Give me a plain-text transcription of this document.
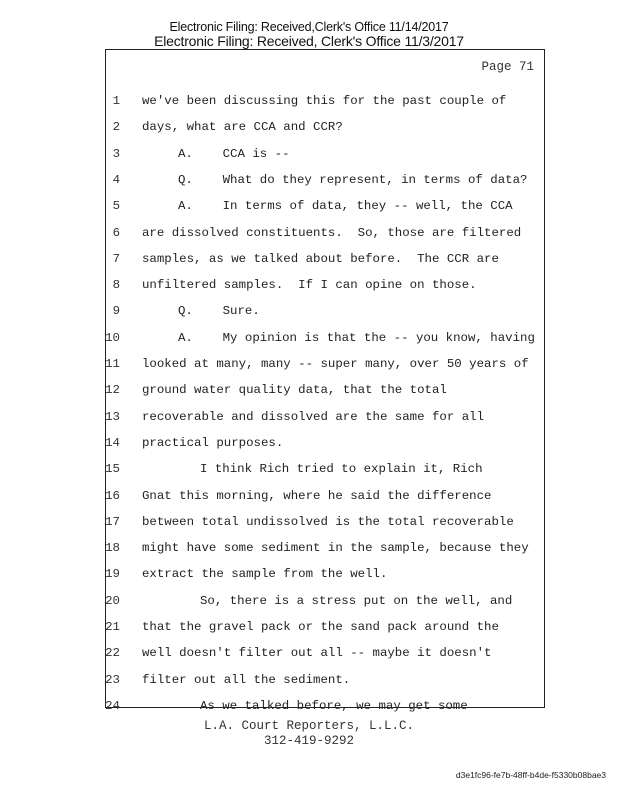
Electronic Filing: Received,Clerk's Office 11/14/2017
Electronic Filing: Received, Clerk's Office 11/3/2017
Page 71
1 we've been discussing this for the past couple of
2 days, what are CCA and CCR?
3	A.    CCA is --
4	Q.    What do they represent, in terms of data?
5	A.    In terms of data, they -- well, the CCA
6 are dissolved constituents.  So, those are filtered
7 samples, as we talked about before.  The CCR are
8 unfiltered samples.  If I can opine on those.
9	Q.    Sure.
10	A.    My opinion is that the -- you know, having
11 looked at many, many -- super many, over 50 years of
12 ground water quality data, that the total
13 recoverable and dissolved are the same for all
14 practical purposes.
15	I think Rich tried to explain it, Rich
16 Gnat this morning, where he said the difference
17 between total undissolved is the total recoverable
18 might have some sediment in the sample, because they
19 extract the sample from the well.
20	So, there is a stress put on the well, and
21 that the gravel pack or the sand pack around the
22 well doesn't filter out all -- maybe it doesn't
23 filter out all the sediment.
24	As we talked before, we may get some
L.A. Court Reporters, L.L.C.
312-419-9292
d3e1fc96-fe7b-48ff-b4de-f5330b08bae3
